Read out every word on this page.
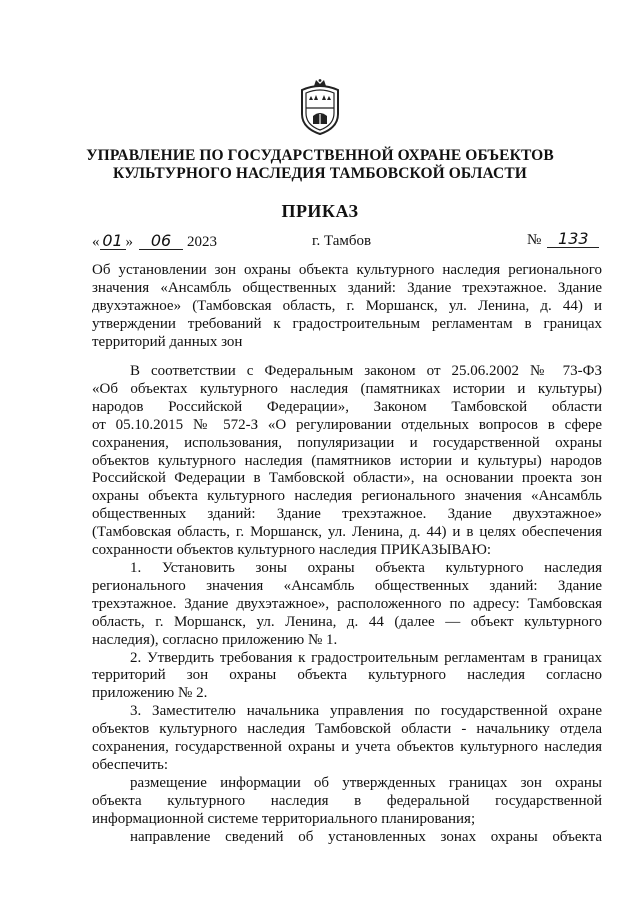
УПРАВЛЕНИЕ ПО ГОСУДАРСТВЕННОЙ ОХРАНЕ ОБЪЕКТОВ
КУЛЬТУРНОГО НАСЛЕДИЯ ТАМБОВСКОЙ ОБЛАСТИ
ПРИКАЗ
« 01 » 06 2023	г. Тамбов	№ 133
Об установлении зон охраны объекта культурного наследия регионального
значения «Ансамбль общественных зданий: Здание трехэтажное. Здание
двухэтажное» (Тамбовская область, г. Моршанск, ул. Ленина, д. 44) и
утверждении требований к градостроительным регламентам в границах
территорий данных зон
В соответствии с Федеральным законом от 25.06.2002 № 73-ФЗ
«Об объектах культурного наследия (памятниках истории и культуры)
народов Российской Федерации», Законом Тамбовской области
от 05.10.2015 № 572-З «О регулировании отдельных вопросов в сфере
сохранения, использования, популяризации и государственной охраны
объектов культурного наследия (памятников истории и культуры) народов
Российской Федерации в Тамбовской области», на основании проекта зон
охраны объекта культурного наследия регионального значения «Ансамбль
общественных зданий: Здание трехэтажное. Здание двухэтажное»
(Тамбовская область, г. Моршанск, ул. Ленина, д. 44) и в целях обеспечения
сохранности объектов культурного наследия ПРИКАЗЫВАЮ:
1. Установить зоны охраны объекта культурного наследия
регионального значения «Ансамбль общественных зданий: Здание
трехэтажное. Здание двухэтажное», расположенного по адресу: Тамбовская
область, г. Моршанск, ул. Ленина, д. 44 (далее — объект культурного
наследия), согласно приложению № 1.
2. Утвердить требования к градостроительным регламентам в границах
территорий зон охраны объекта культурного наследия согласно
приложению № 2.
3. Заместителю начальника управления по государственной охране
объектов культурного наследия Тамбовской области - начальнику отдела
сохранения, государственной охраны и учета объектов культурного наследия
обеспечить:
размещение информации об утвержденных границах зон охраны
объекта культурного наследия в федеральной государственной
информационной системе территориального планирования;
направление сведений об установленных зонах охраны объекта
